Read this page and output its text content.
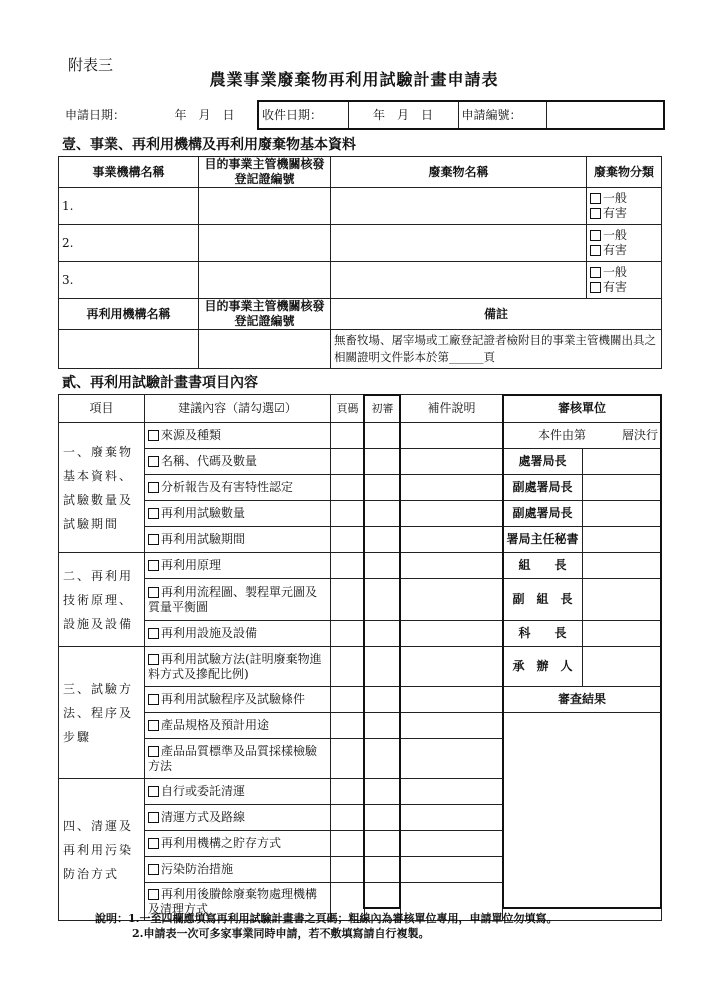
附表三
農業事業廢棄物再利用試驗計畫申請表
申請日期：	年　月　日	收件日期：	年　月　日	申請編號：	
壹、事業、再利用機構及再利用廢棄物基本資料
事業機構名稱	目的事業主管機關核發登記證編號	廢棄物名稱	廢棄物分類
1.			一般
有害

2.			一般
有害

3.			一般
有害

再利用機構名稱	目的事業主管機關核發登記證編號	備註	
		無畜牧場、屠宰場或工廠登記證者檢附目的事業主管機關出具之相關證明文件影本於第______頁	
貳、再利用試驗計畫書項目內容
項目	建議內容（請勾選☑）	頁碼	初審	補件說明	審核單位	
一、廢棄物基本資料、試驗數量及試驗期間	來源及種類				本件由第　　　層決行	
	名稱、代碼及數量				處署局長	
	分析報告及有害特性認定				副處署局長	
	再利用試驗數量				副處署局長	
	再利用試驗期間				署局主任秘書	
二、再利用技術原理、設施及設備	再利用原理				組　　長	
	再利用流程圖、製程單元圖及質量平衡圖				副　組　長	
	再利用設施及設備				科　　長	
三、試驗方法、程序及步驟	再利用試驗方法(註明廢棄物進料方式及摻配比例)				承　辦　人	
	再利用試驗程序及試驗條件				審查結果	
	產品規格及預計用途					
	產品品質標準及品質採樣檢驗方法					
四、清運及再利用污染防治方式	自行或委託清運					
	清運方式及路線					
	再利用機構之貯存方式					
	污染防治措施					
	再利用後賸餘廢棄物處理機構及清理方式					
說明：1.一至四欄應填寫再利用試驗計畫書之頁碼；粗線內為審核單位專用，申請單位勿填寫。
2.申請表一次可多家事業同時申請，若不敷填寫請自行複製。
